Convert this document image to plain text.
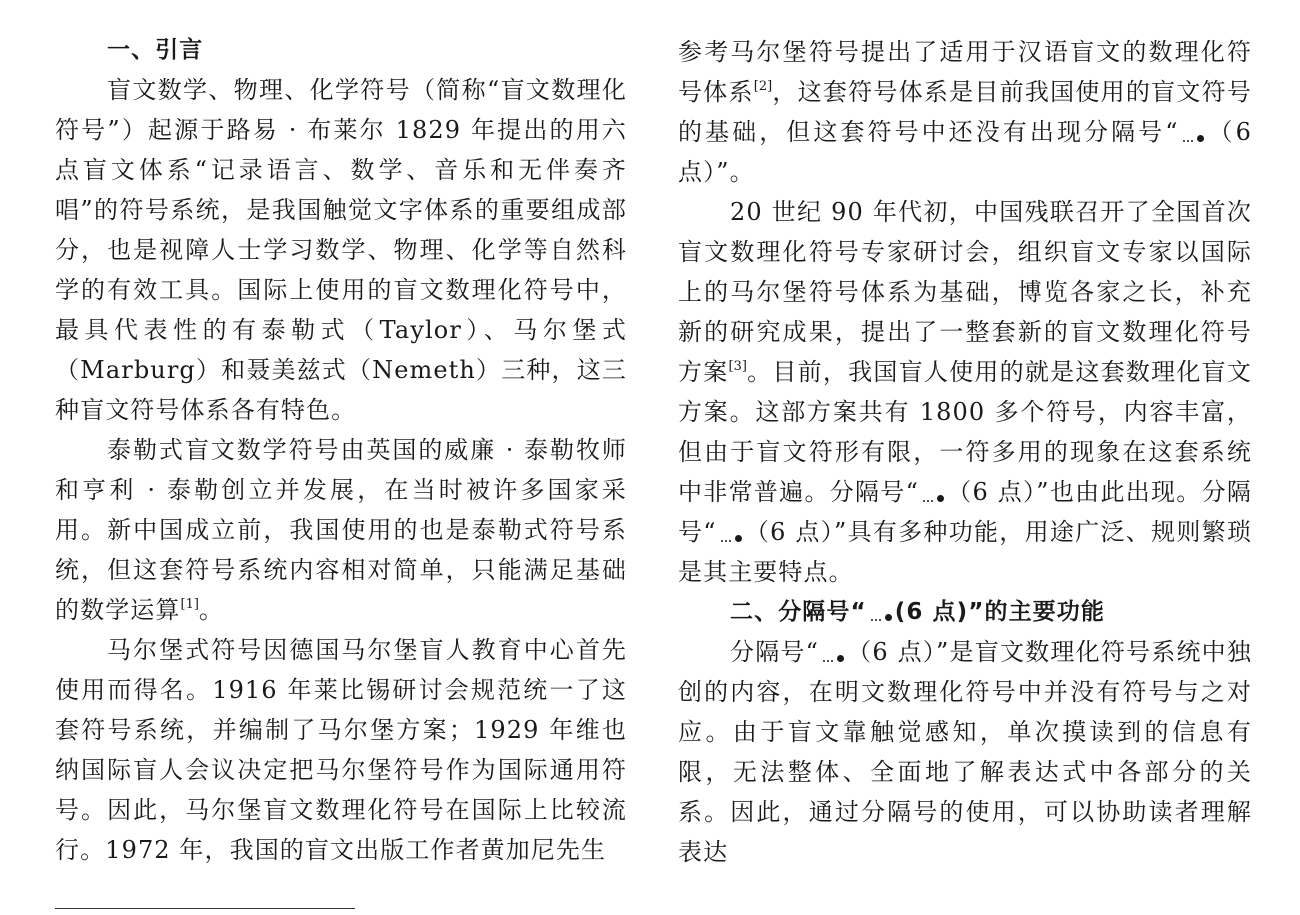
一、引言

盲文数学、物理、化学符号（简称“盲文数理化符号”）起源于路易 · 布莱尔 1829 年提出的用六点盲文体系“记录语言、数学、音乐和无伴奏齐唱”的符号系统，是我国触觉文字体系的重要组成部分，也是视障人士学习数学、物理、化学等自然科学的有效工具。国际上使用的盲文数理化符号中，最具代表性的有泰勒式（Taylor）、马尔堡式（Marburg）和聂美兹式（Nemeth）三种，这三种盲文符号体系各有特色。

泰勒式盲文数学符号由英国的威廉 · 泰勒牧师和亨利 · 泰勒创立并发展，在当时被许多国家采用。新中国成立前，我国使用的也是泰勒式符号系统，但这套符号系统内容相对简单，只能满足基础的数学运算[1]。

马尔堡式符号因德国马尔堡盲人教育中心首先使用而得名。1916 年莱比锡研讨会规范统一了这套符号系统，并编制了马尔堡方案；1929 年维也纳国际盲人会议决定把马尔堡符号作为国际通用符号。因此，马尔堡盲文数理化符号在国际上比较流行。1972 年，我国的盲文出版工作者黄加尼先生

参考马尔堡符号提出了适用于汉语盲文的数理化符号体系[2]，这套符号体系是目前我国使用的盲文符号的基础，但这套符号中还没有出现分隔号“ （6 点）”。

20 世纪 90 年代初，中国残联召开了全国首次盲文数理化符号专家研讨会，组织盲文专家以国际上的马尔堡符号体系为基础，博览各家之长，补充新的研究成果，提出了一整套新的盲文数理化符号方案[3]。目前，我国盲人使用的就是这套数理化盲文方案。这部方案共有 1800 多个符号，内容丰富，但由于盲文符形有限，一符多用的现象在这套系统中非常普遍。分隔号“ （6 点）”也由此出现。分隔号“ （6 点）”具有多种功能，用途广泛、规则繁琐是其主要特点。

二、分隔号“ (6 点)”的主要功能

分隔号“ （6 点）”是盲文数理化符号系统中独创的内容，在明文数理化符号中并没有符号与之对应。由于盲文靠触觉感知，单次摸读到的信息有限，无法整体、全面地了解表达式中各部分的关系。因此，通过分隔号的使用，可以协助读者理解表达
